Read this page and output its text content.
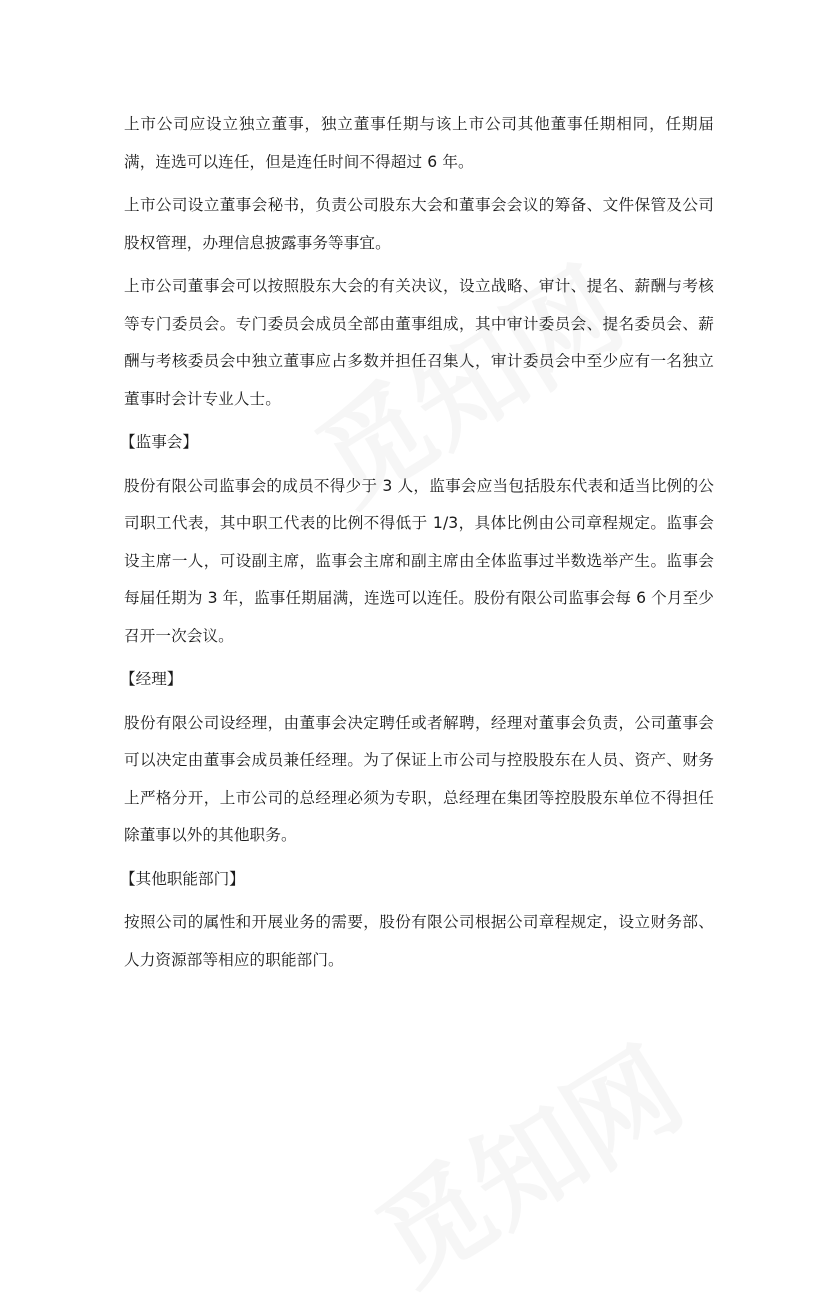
上市公司应设立独立董事，独立董事任期与该上市公司其他董事任期相同，任期届满，连选可以连任，但是连任时间不得超过 6 年。

上市公司设立董事会秘书，负责公司股东大会和董事会会议的筹备、文件保管及公司股权管理，办理信息披露事务等事宜。

上市公司董事会可以按照股东大会的有关决议，设立战略、审计、提名、薪酬与考核等专门委员会。专门委员会成员全部由董事组成，其中审计委员会、提名委员会、薪酬与考核委员会中独立董事应占多数并担任召集人，审计委员会中至少应有一名独立董事时会计专业人士。

【监事会】

股份有限公司监事会的成员不得少于 3 人，监事会应当包括股东代表和适当比例的公司职工代表，其中职工代表的比例不得低于 1/3，具体比例由公司章程规定。监事会设主席一人，可设副主席，监事会主席和副主席由全体监事过半数选举产生。监事会每届任期为 3 年，监事任期届满，连选可以连任。股份有限公司监事会每 6 个月至少召开一次会议。

【经理】

股份有限公司设经理，由董事会决定聘任或者解聘，经理对董事会负责，公司董事会可以决定由董事会成员兼任经理。为了保证上市公司与控股股东在人员、资产、财务上严格分开，上市公司的总经理必须为专职，总经理在集团等控股股东单位不得担任除董事以外的其他职务。

【其他职能部门】

按照公司的属性和开展业务的需要，股份有限公司根据公司章程规定，设立财务部、人力资源部等相应的职能部门。
